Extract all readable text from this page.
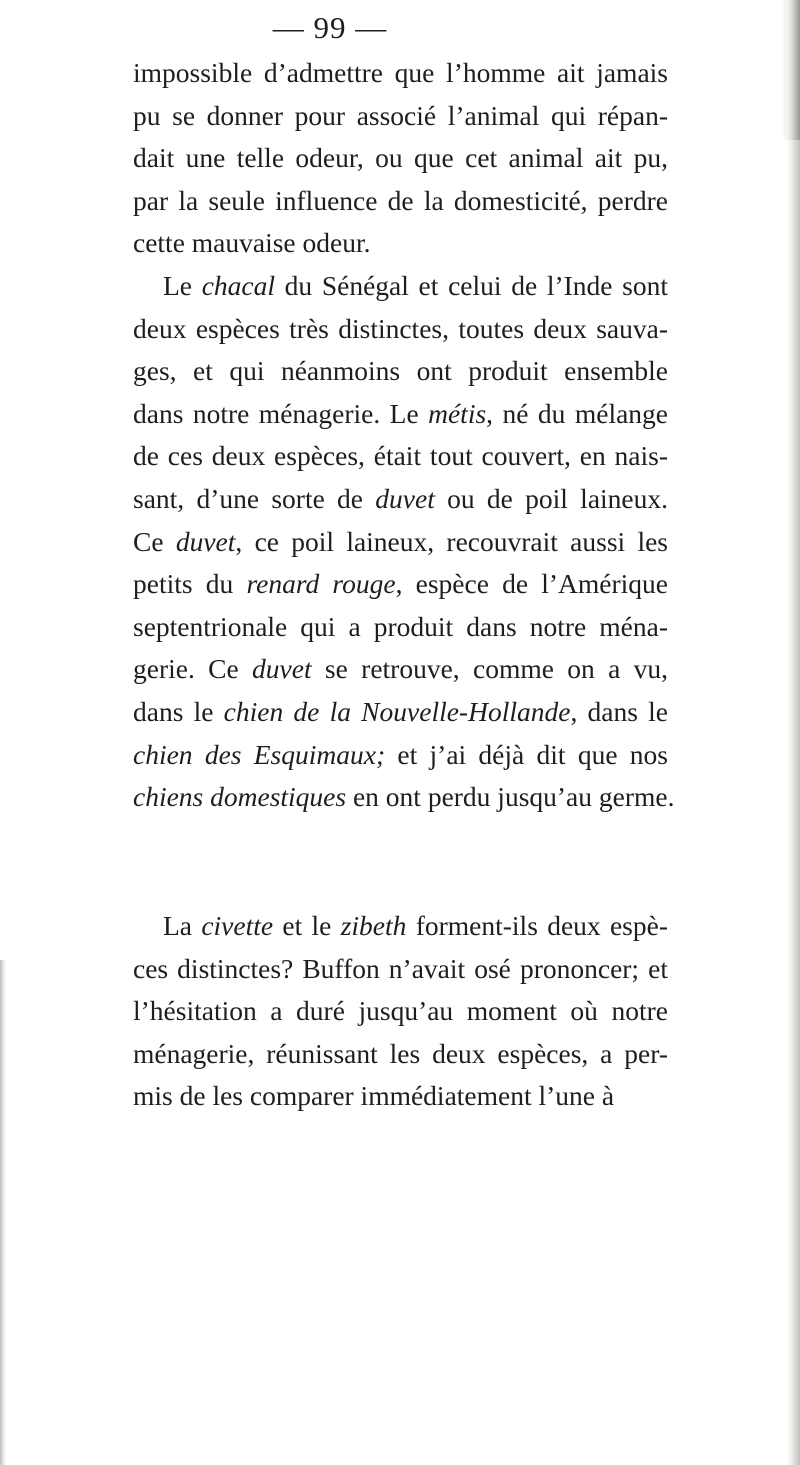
— 99 —
impossible d’admettre que l’homme ait jamais
pu se donner pour associé l’animal qui répan-
dait une telle odeur, ou que cet animal ait pu,
par la seule influence de la domesticité, perdre
cette mauvaise odeur.
Le chacal du Sénégal et celui de l’Inde sont
deux espèces très distinctes, toutes deux sauva-
ges, et qui néanmoins ont produit ensemble
dans notre ménagerie. Le métis, né du mélange
de ces deux espèces, était tout couvert, en nais-
sant, d’une sorte de duvet ou de poil laineux.
Ce duvet, ce poil laineux, recouvrait aussi les
petits du renard rouge, espèce de l’Amérique
septentrionale qui a produit dans notre ména-
gerie. Ce duvet se retrouve, comme on a vu,
dans le chien de la Nouvelle-Hollande, dans le
chien des Esquimaux; et j’ai déjà dit que nos
chiens domestiques en ont perdu jusqu’au germe.
La civette et le zibeth forment-ils deux espè-
ces distinctes? Buffon n’avait osé prononcer; et
l’hésitation a duré jusqu’au moment où notre
ménagerie, réunissant les deux espèces, a per-
mis de les comparer immédiatement l’une à
